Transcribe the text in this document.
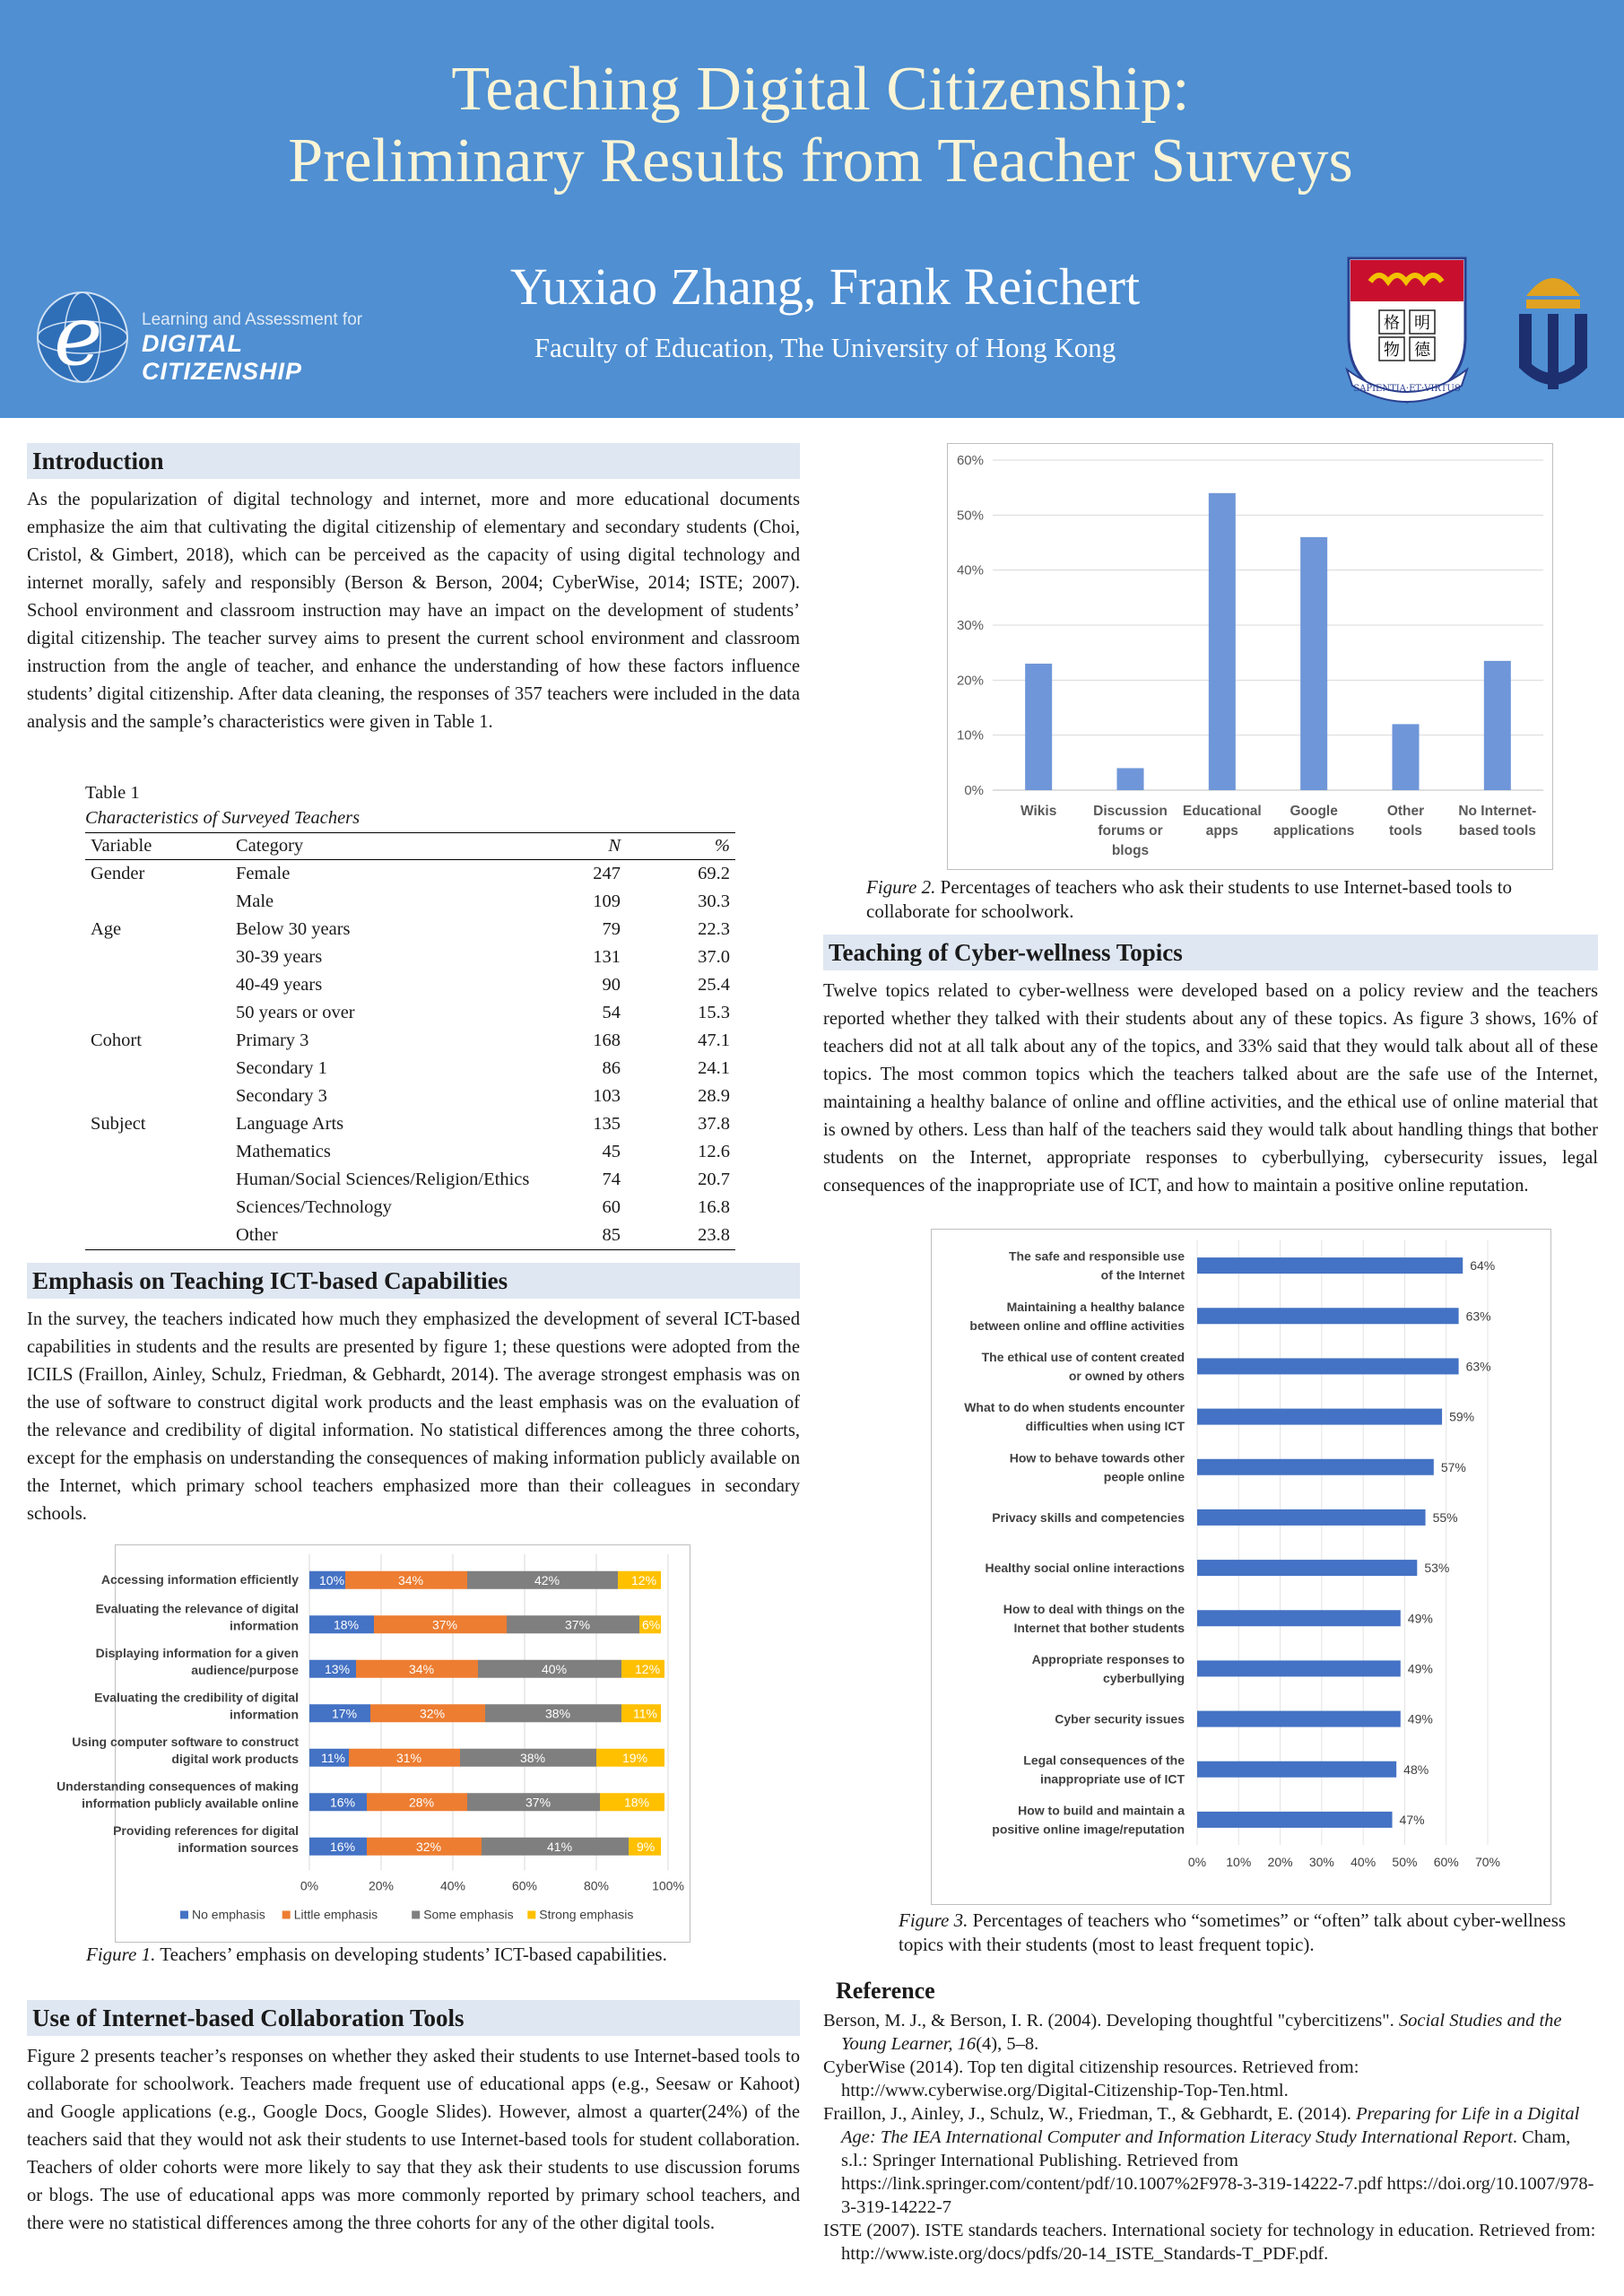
Teaching Digital Citizenship:
Preliminary Results from Teacher Surveys
Yuxiao Zhang, Frank Reichert
Faculty of Education, The University of Hong Kong
e Learning and Assessment for
DIGITAL CITIZENSHIP
格 明
物 德
SAPIENTIA·ET·VIRTUS
Introduction

As the popularization of digital technology and internet, more and more educational documents emphasize the aim that cultivating the digital citizenship of elementary and secondary students (Choi, Cristol, & Gimbert, 2018), which can be perceived as the capacity of using digital technology and internet morally, safely and responsibly (Berson & Berson, 2004; CyberWise, 2014; ISTE; 2007). School environment and classroom instruction may have an impact on the development of students’ digital citizenship. The teacher survey aims to present the current school environment and classroom instruction from the angle of teacher, and enhance the understanding of how these factors influence students’ digital citizenship. After data cleaning, the responses of 357 teachers were included in the data analysis and the sample’s characteristics were given in Table 1.

Table 1
Characteristics of Surveyed Teachers
Variable	Category	N	%
Gender	Female	247	69.2
	Male	109	30.3
Age	Below 30 years	79	22.3
	30-39 years	131	37.0
	40-49 years	90	25.4
	50 years or over	54	15.3
Cohort	Primary 3	168	47.1
	Secondary 1	86	24.1
	Secondary 3	103	28.9
Subject	Language Arts	135	37.8
	Mathematics	45	12.6
	Human/Social Sciences/Religion/Ethics	74	20.7
	Sciences/Technology	60	16.8
	Other	85	23.8
Emphasis on Teaching ICT-based Capabilities

In the survey, the teachers indicated how much they emphasized the development of several ICT-based capabilities in students and the results are presented by figure 1; these questions were adopted from the ICILS (Fraillon, Ainley, Schulz, Friedman, & Gebhardt, 2014). The average strongest emphasis was on the use of software to construct digital work products and the least emphasis was on the evaluation of the relevance and credibility of digital information. No statistical differences among the three cohorts, except for the emphasis on understanding the consequences of making information publicly available on the Internet, which primary school teachers emphasized more than their colleagues in secondary schools.

0%	20%	40%	60%	80%	100%
10%	34%	42%	12%
Accessing information efficiently
18%	37%	37%	6%
Evaluating the relevance of digital
information
13%	34%	40%	12%
Displaying information for a given
audience/purpose
17%	32%	38%	11%
Evaluating the credibility of digital
information
11%	31%	38%	19%
Using computer software to construct
digital work products
16%	28%	37%	18%
Understanding consequences of making
information publicly available online
16%	32%	41%	9%
Providing references for digital
information sources
No emphasis Little emphasis	Some emphasis Strong emphasis
Figure 1. Teachers’ emphasis on developing students’ ICT-based capabilities.
Use of Internet-based Collaboration Tools

Figure 2 presents teacher’s responses on whether they asked their students to use Internet-based tools to collaborate for schoolwork. Teachers made frequent use of educational apps (e.g., Seesaw or Kahoot) and Google applications (e.g., Google Docs, Google Slides). However, almost a quarter(24%) of the teachers said that they would not ask their students to use Internet-based tools for student collaboration. Teachers of older cohorts were more likely to say that they ask their students to use discussion forums or blogs. The use of educational apps was more commonly reported by primary school teachers, and there were no statistical differences among the three cohorts for any of the other digital tools.

0%
10%
20%
30%
40%
50%
60%
Wikis	Discussion
forums or
blogs
Educational
apps
Google
applications
Other
tools
No Internet-
based tools
Figure 2. Percentages of teachers who ask their students to use Internet-based tools to collaborate for schoolwork.
Teaching of Cyber-wellness Topics

Twelve topics related to cyber-wellness were developed based on a policy review and the teachers reported whether they talked with their students about any of these topics. As figure 3 shows, 16% of teachers did not at all talk about any of the topics, and 33% said that they would talk about all of these topics. The most common topics which the teachers talked about are the safe use of the Internet, maintaining a healthy balance of online and offline activities, and the ethical use of online material that is owned by others. Less than half of the teachers said they would talk about handling things that bother students on the Internet, appropriate responses to cyberbullying, cybersecurity issues, legal consequences of the inappropriate use of ICT, and how to maintain a positive online reputation.

0% 10% 20% 30% 40% 50% 60% 70%
64%
The safe and responsible use
of the Internet
63%
Maintaining a healthy balance
between online and offline activities
63%
The ethical use of content created
or owned by others
59%
What to do when students encounter
difficulties when using ICT
57%
How to behave towards other
people online
55%
Privacy skills and competencies
53%
Healthy social online interactions
49%
How to deal with things on the
Internet that bother students
49%
Appropriate responses to
cyberbullying
49%
Cyber security issues
48%
Legal consequences of the
inappropriate use of ICT
47%
How to build and maintain a
positive online image/reputation
Figure 3. Percentages of teachers who “sometimes” or “often” talk about cyber-wellness topics with their students (most to least frequent topic).
Reference

Berson, M. J., & Berson, I. R. (2004). Developing thoughtful "cybercitizens". Social Studies and the Young Learner, 16(4), 5–8.

CyberWise (2014). Top ten digital citizenship resources. Retrieved from: http://www.cyberwise.org/Digital-Citizenship-Top-Ten.html.

Fraillon, J., Ainley, J., Schulz, W., Friedman, T., & Gebhardt, E. (2014). Preparing for Life in a Digital Age: The IEA International Computer and Information Literacy Study International Report. Cham, s.l.: Springer International Publishing. Retrieved from https://link.springer.com/content/pdf/10.1007%2F978-3-319-14222-7.pdf https://doi.org/10.1007/978-3-319-14222-7

ISTE (2007). ISTE standards teachers. International society for technology in education. Retrieved from: http://www.iste.org/docs/pdfs/20-14_ISTE_Standards-T_PDF.pdf.
